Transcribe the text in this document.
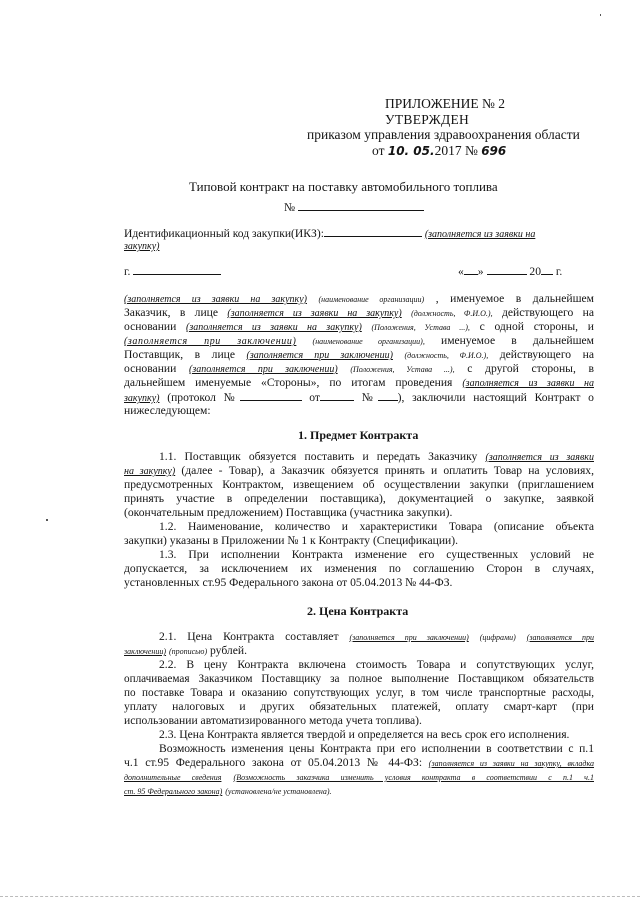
ПРИЛОЖЕНИЕ № 2
УТВЕРЖДЕН
приказом управления здравоохранения области
от 10. 05.2017 № 696
Типовой контракт на поставку автомобильного топлива
№
Идентификационный код закупки(ИКЗ):	(заполняется из заявки на
закупку)
г.	« »	20 г.
(заполняется из заявки на закупку) (наименование организации) , именуемое в дальнейшем
Заказчик, в лице (заполняется из заявки на закупку) (должность, Ф.И.О.), действующего на
основании (заполняется из заявки на закупку) (Положения, Устава ...), с одной стороны, и
(заполняется при заключении) (наименование организации), именуемое в дальнейшем
Поставщик, в лице (заполняется при заключении) (должность, Ф.И.О.), действующего на
основании (заполняется при заключении) (Положения, Устава ...), с другой стороны, в
дальнейшем именуемые «Стороны», по итогам проведения (заполняется из заявки на
закупку) (протокол №	от	№ ), заключили настоящий Контракт о
нижеследующем:
1. Предмет Контракта
1.1. Поставщик обязуется поставить и передать Заказчику (заполняется из заявки
на закупку) (далее - Товар), а Заказчик обязуется принять и оплатить Товар на условиях,
предусмотренных Контрактом, извещением об осуществлении закупки (приглашением
принять участие в определении поставщика), документацией о закупке, заявкой
(окончательным предложением) Поставщика (участника закупки).
1.2. Наименование, количество и характеристики Товара (описание объекта
закупки) указаны в Приложении № 1 к Контракту (Спецификации).
1.3. При исполнении Контракта изменение его существенных условий не
допускается, за исключением их изменения по соглашению Сторон в случаях,
установленных ст.95 Федерального закона от 05.04.2013 № 44-ФЗ.
2. Цена Контракта
2.1. Цена Контракта составляет (заполняется при заключении) (цифрами) (заполняется при
заключении) (прописью) рублей.
2.2. В цену Контракта включена стоимость Товара и сопутствующих услуг,
оплачиваемая Заказчиком Поставщику за полное выполнение Поставщиком обязательств
по поставке Товара и оказанию сопутствующих услуг, в том числе транспортные расходы,
уплату налоговых и других обязательных платежей, оплату смарт-карт (при
использовании автоматизированного метода учета топлива).
2.3. Цена Контракта является твердой и определяется на весь срок его исполнения.
Возможность изменения цены Контракта при его исполнении в соответствии с п.1
ч.1 ст.95 Федерального закона от 05.04.2013 № 44-ФЗ: (заполняется из заявки на закупку, вкладка
дополнительные сведения (Возможность заказчика изменить условия контракта в соответствии с п.1 ч.1
ст. 95 Федерального закона) (установлена/не установлена).
